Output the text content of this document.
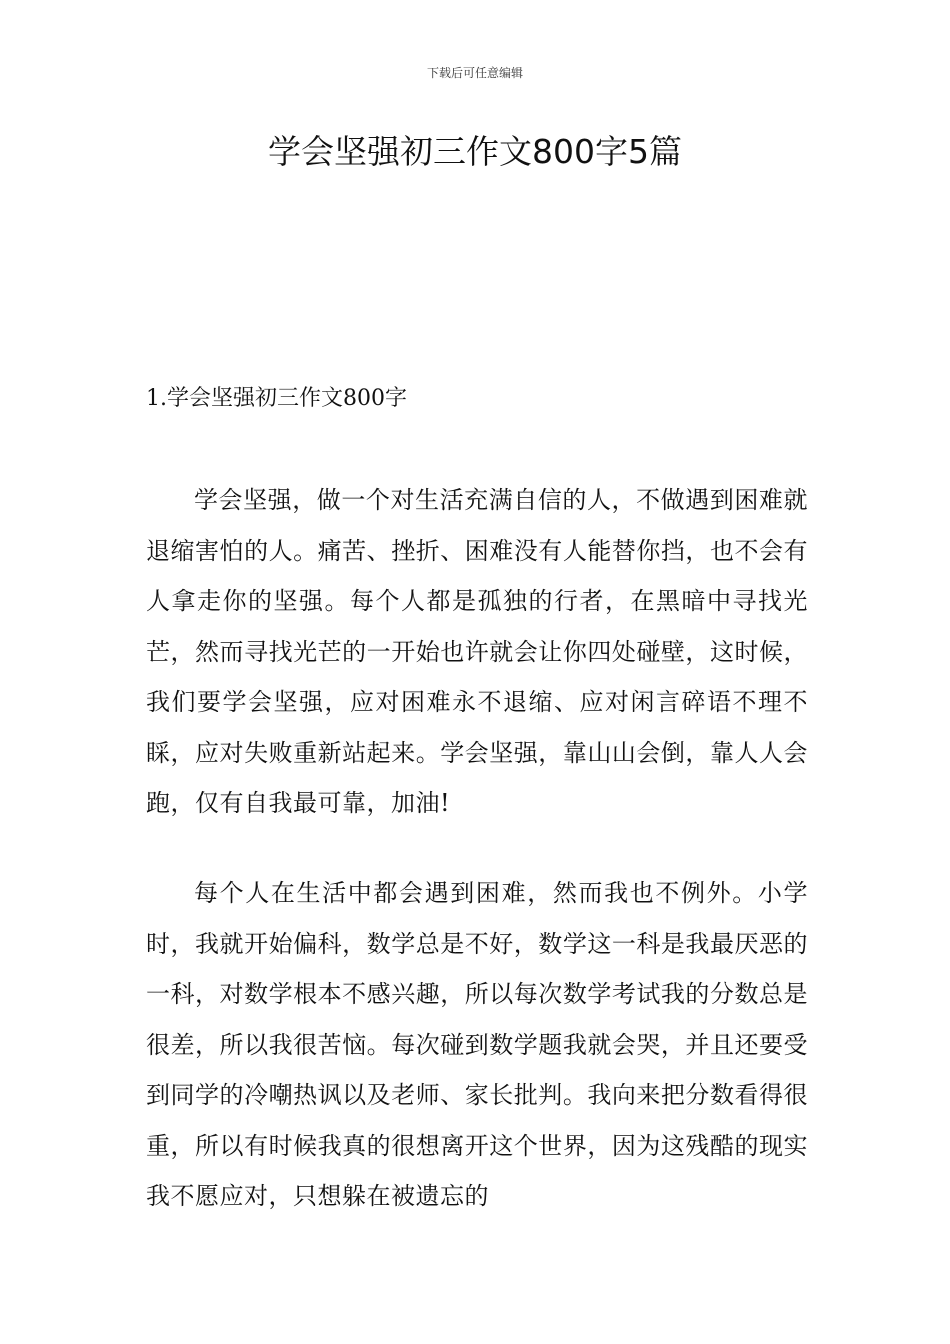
下载后可任意编辑
学会坚强初三作文800字5篇
1.学会坚强初三作文800字

学会坚强，做一个对生活充满自信的人，不做遇到困难就退缩害怕的人。痛苦、挫折、困难没有人能替你挡，也不会有人拿走你的坚强。每个人都是孤独的行者，在黑暗中寻找光芒，然而寻找光芒的一开始也许就会让你四处碰壁，这时候，我们要学会坚强，应对困难永不退缩、应对闲言碎语不理不睬，应对失败重新站起来。学会坚强，靠山山会倒，靠人人会跑，仅有自我最可靠，加油!

每个人在生活中都会遇到困难，然而我也不例外。小学时，我就开始偏科，数学总是不好，数学这一科是我最厌恶的一科，对数学根本不感兴趣，所以每次数学考试我的分数总是很差，所以我很苦恼。每次碰到数学题我就会哭，并且还要受到同学的冷嘲热讽以及老师、家长批判。我向来把分数看得很重，所以有时候我真的很想离开这个世界，因为这残酷的现实我不愿应对，只想躲在被遗忘的
